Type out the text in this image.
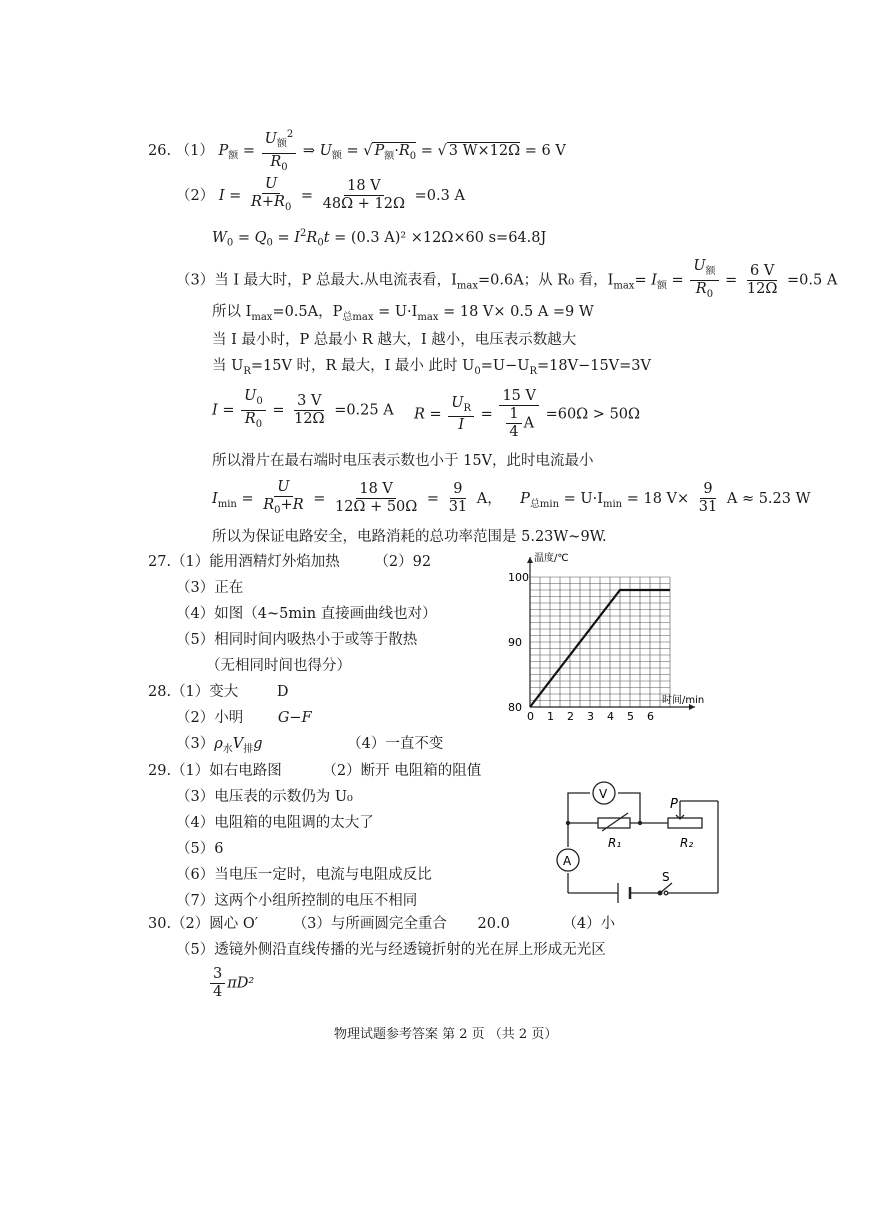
26. （1） $P_额 = \frac{U_额^2}{R_0}$ ⇒ $U_额$ = √ $P_额\cdot R_0$ = √ 3 W×12Ω = 6 V
（2） $I = \frac{U}{R+R_0} = \frac{18 V}{48\Omega + 12\Omega} =0.3$ A
$W_0 = Q_0 = I^2R_0t = (0.3$ A)² ×12Ω×60 s=64.8J
（3）当 I 最大时，P 总最大.从电流表看，$I_{max}=0.6A$；从 R₀ 看，$I_{max}= I_额 = \frac{U_额}{R_0} = \frac{6 V}{12\Omega} =0.5$ A
所以 $I_{max}=0.5A$，$P_{总max} = U\cdot I_{max} = 18$ V× 0.5 A =9 W
当 I 最小时，P 总最小 R 越大，I 越小，电压表示数越大
当 $U_R=15V$ 时，R 最大，I 最小 此时 $U_0=U-U_R=18V-15V=3V$
$I = \frac{U_0}{R_0} = \frac{3 V}{12\Omega} =0.25$ A $R = \frac{U_R}{I} = \frac{15 V}{\frac{1}{4} A} =60\Omega > 50\Omega$
所以滑片在最右端时电压表示数也小于 15V，此时电流最小
$I_{min} = \frac{U}{R_0+R} = \frac{18 V}{12\Omega + 50\Omega} = \frac{9}{31}$ A， $P_{总min} = U\cdot I_{min} = 18$ $V\times \frac{9}{31}$ A ≈ 5.23 W
所以为保证电路安全，电路消耗的总功率范围是 5.23W~9W.
27.（1）能用酒精灯外焰加热 （2）92
（3）正在
（4）如图（4~5min 直接画曲线也对）
（5）相同时间内吸热小于或等于散热
（无相同时间也得分）
0 1 2 3 4 5 6
80
90
100
温度/℃
时间/min
28.（1）变大	D
（2）小明 G−F
$(3)\rho_水V_排g$	（4）一直不变
29.（1）如右电路图	（2）断开 电阻箱的阻值
（3）电压表的示数仍为 U₀
（4）电阻箱的电阻调的太大了
（5）6
（6）当电压一定时，电流与电阻成反比
（7）这两个小组所控制的电压不相同
V
A
P
R₁	R₂
S
30.（2）圆心 O′ （3）与所画圆完全重合 20.0	（4）小
（5）透镜外侧沿直线传播的光与经透镜折射的光在屏上形成无光区
$\frac{3}{4} \pi D^2$
物理试题参考答案 第 2 页 （共 2 页）
